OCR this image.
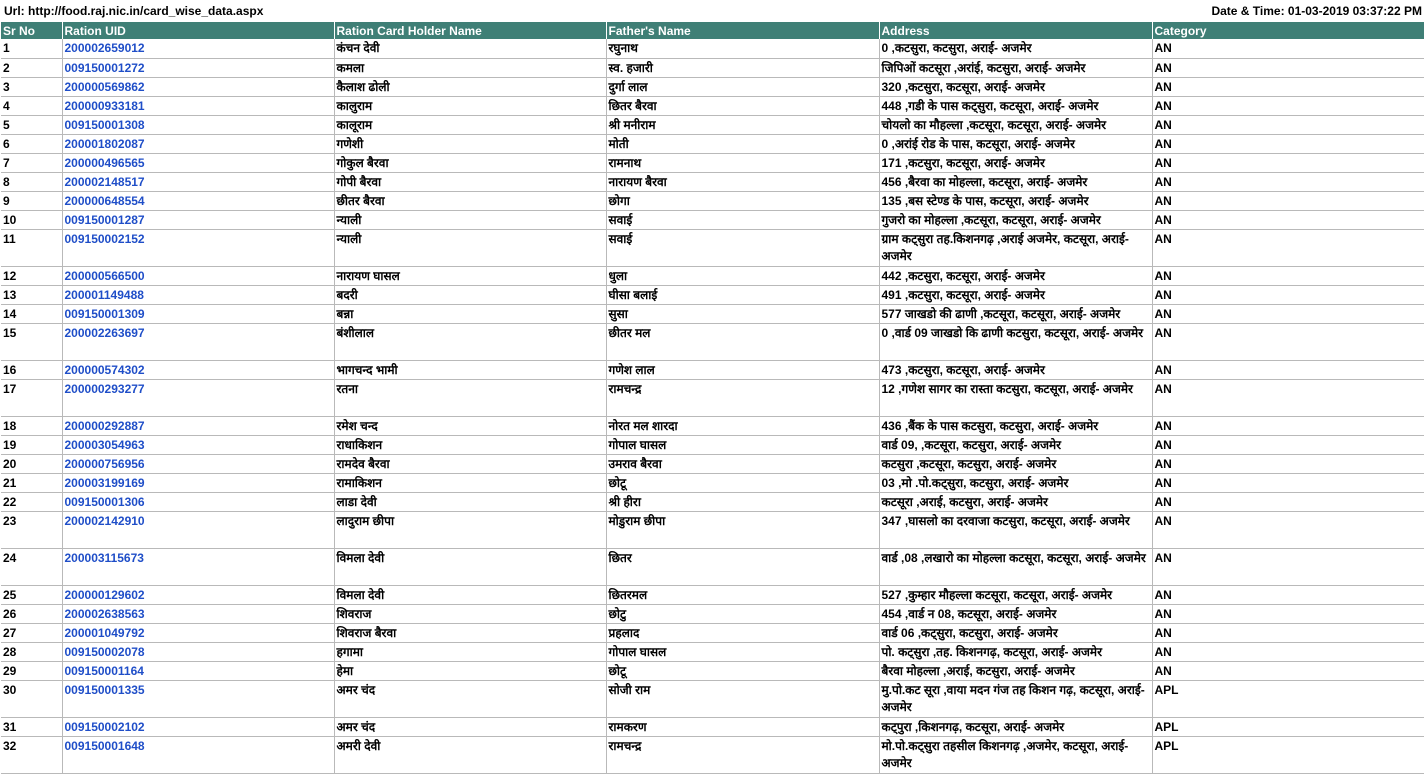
Url: http://food.raj.nic.in/card_wise_data.aspx	Date & Time: 01-03-2019 03:37:22 PM
Sr No	Ration UID	Ration Card Holder Name	Father's Name	Address	Category
1	200002659012	कंचन देवी	रघुनाथ	0 ,कटसुरा, कटसुरा, अराई- अजमेर	AN
2	009150001272	कमला	स्व. हजारी	जिपिओं कटसूरा ,अरांई, कटसुरा, अराई- अजमेर	AN
3	200000569862	कैलाश ढोली	दुर्गा लाल	320 ,कटसुरा, कटसूरा, अराई- अजमेर	AN
4	200000933181	कालुराम	छितर बैरवा	448 ,गडी के पास कट्सुरा, कटसूरा, अराई- अजमेर	AN
5	009150001308	कालूराम	श्री मनीराम	चोयलो का मौहल्ला ,कटसूरा, कटसूरा, अराई- अजमेर	AN
6	200001802087	गणेशी	मोती	0 ,अरांई रोड के पास, कटसूरा, अराई- अजमेर	AN
7	200000496565	गोकुल बैरवा	रामनाथ	171 ,कटसुरा, कटसूरा, अराई- अजमेर	AN
8	200002148517	गोपी बैरवा	नारायण बैरवा	456 ,बैरवा का मोहल्ला, कटसूरा, अराई- अजमेर	AN
9	200000648554	छीतर बैरवा	छोगा	135 ,बस स्टेण्ड के पास, कटसूरा, अराई- अजमेर	AN
10	009150001287	न्याली	सवाई	गुजरो का मोहल्ला ,कटसूरा, कटसूरा, अराई- अजमेर	AN
11	009150002152	न्याली	सवाई	ग्राम कट्सुरा तह.किशनगढ़ ,अराई अजमेर, कटसूरा, अराई- अजमेर	AN
12	200000566500	नारायण घासल	धुला	442 ,कटसुरा, कटसूरा, अराई- अजमेर	AN
13	200001149488	बदरी	घीसा बलाई	491 ,कटसुरा, कटसूरा, अराई- अजमेर	AN
14	009150001309	बन्ना	सुसा	577 जाखडो की ढाणी ,कटसूरा, कटसूरा, अराई- अजमेर	AN
15	200002263697	बंशीलाल	छीतर मल	0 ,वार्ड 09 जाखडो कि ढाणी कटसुरा, कटसूरा, अराई- अजमेर	AN
16	200000574302	भागचन्द भामी	गणेश लाल	473 ,कटसुरा, कटसूरा, अराई- अजमेर	AN
17	200000293277	रतना	रामचन्द्र	12 ,गणेश सागर का रास्ता कटसुरा, कटसूरा, अराई- अजमेर	AN
18	200000292887	रमेश चन्द	नोरत मल शारदा	436 ,बैंक के पास कटसुरा, कटसुरा, अराई- अजमेर	AN
19	200003054963	राधाकिशन	गोपाल घासल	वार्ड 09, ,कटसूरा, कटसुरा, अराई- अजमेर	AN
20	200000756956	रामदेव बैरवा	उमराव बैरवा	कटसुरा ,कटसूरा, कटसुरा, अराई- अजमेर	AN
21	200003199169	रामाकिशन	छोटू	03 ,मो .पो.कट्सुरा, कटसुरा, अराई- अजमेर	AN
22	009150001306	लाडा देवी	श्री हीरा	कटसूरा ,अराई, कटसुरा, अराई- अजमेर	AN
23	200002142910	लादुराम छीपा	मोडुराम छीपा	347 ,घासलो का दरवाजा कटसुरा, कटसूरा, अराई- अजमेर	AN
24	200003115673	विमला देवी	छितर	वार्ड ,08 ,लखारो का मोहल्ला कटसूरा, कटसूरा, अराई- अजमेर	AN
25	200000129602	विमला देवी	छितरमल	527 ,कुम्हार मौहल्ला कटसूरा, कटसूरा, अराई- अजमेर	AN
26	200002638563	शिवराज	छोटु	454 ,वार्ड न 08, कटसूरा, अराई- अजमेर	AN
27	200001049792	शिवराज बैरवा	प्रहलाद	वार्ड 06 ,कट्सुरा, कटसुरा, अराई- अजमेर	AN
28	009150002078	हगामा	गोपाल घासल	पो. कट्सुरा ,तह. किशनगढ़, कटसूरा, अराई- अजमेर	AN
29	009150001164	हेमा	छोटू	बैरवा मोहल्ला ,अराई, कटसुरा, अराई- अजमेर	AN
30	009150001335	अमर चंद	सोजी राम	मु.पो.कट सूरा ,वाया मदन गंज तह किशन गढ़, कटसूरा, अराई- अजमेर	APL
31	009150002102	अमर चंद	रामकरण	कट्पुरा ,किशनगढ़, कटसूरा, अराई- अजमेर	APL
32	009150001648	अमरी देवी	रामचन्द्र	मो.पो.कट्सुरा तहसील किशनगढ़ ,अजमेर, कटसूरा, अराई- अजमेर	APL
